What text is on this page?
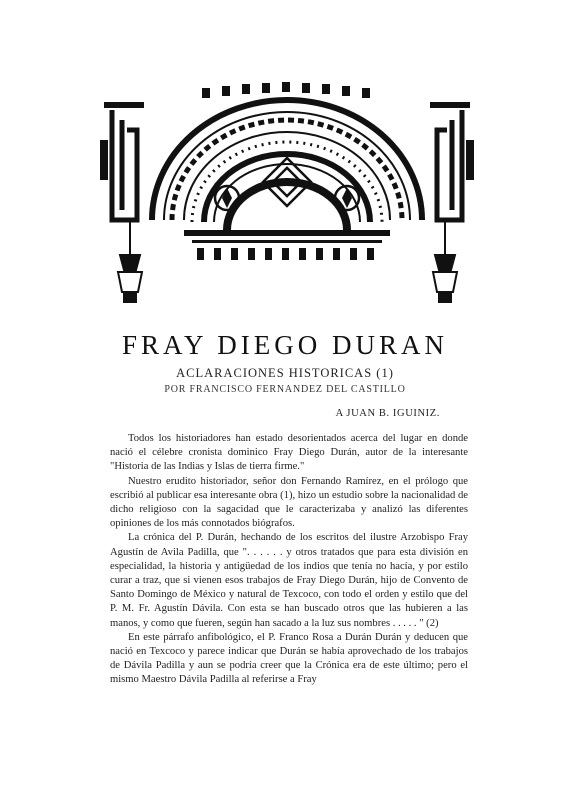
FRAY DIEGO DURAN
ACLARACIONES HISTORICAS (1)
POR FRANCISCO FERNANDEZ DEL CASTILLO
A JUAN B. IGUINIZ.

Todos los historiadores han estado desorientados acerca del lugar en donde nació el célebre cronista dominico Fray Diego Durán, autor de la interesante "Historia de las Indias y Islas de tierra firme."

Nuestro erudito historiador, señor don Fernando Ramírez, en el prólogo que escribió al publicar esa interesante obra (1), hizo un estudio sobre la nacionalidad de dicho religioso con la sagacidad que le caracterizaba y analizó las diferentes opiniones de los más connotados biógrafos.

La crónica del P. Durán, hechando de los escritos del ilustre Arzobispo Fray Agustín de Avila Padilla, que ". . . . . . y otros tratados que para esta división en especialidad, la historia y antigüedad de los indios que tenía no hacía, y por estilo curar a traz, que si vienen esos trabajos de Fray Diego Durán, hijo de Convento de Santo Domingo de México y natural de Texcoco, con todo el orden y estilo que del P. M. Fr. Agustín Dávila. Con esta se han buscado otros que las hubieren a las manos, y como que fueren, según han sacado a la luz sus nombres . . . . . " (2)

En este párrafo anfibológico, el P. Franco Rosa a Durán Durán y deducen que nació en Texcoco y parece indicar que Durán se había aprovechado de los trabajos de Dávila Padilla y aun se podría creer que la Crónica era de este último; pero el mismo Maestro Dávila Padilla al referirse a Fray
